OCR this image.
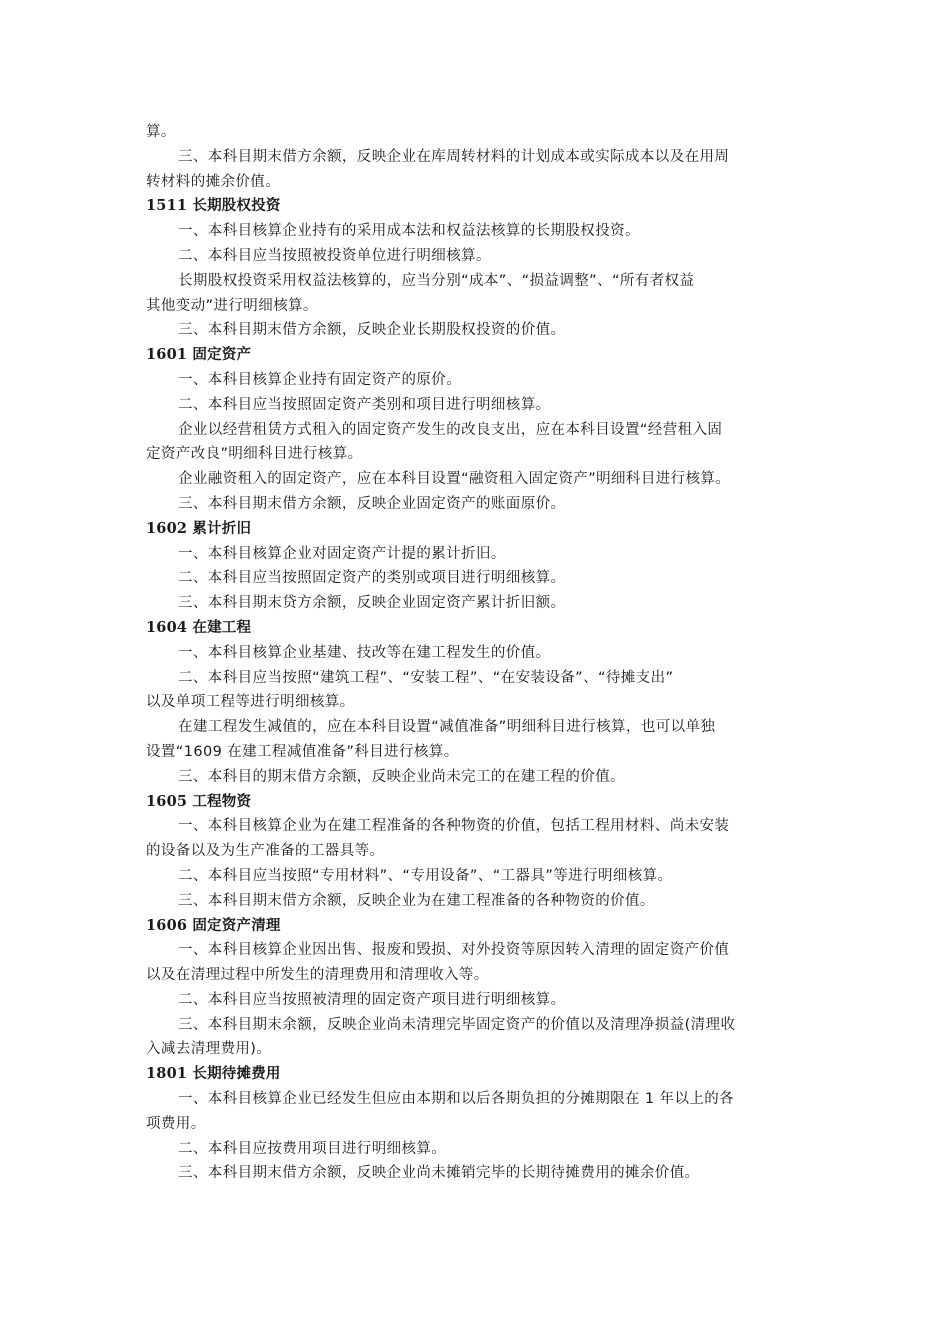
算。
三、本科目期末借方余额，反映企业在库周转材料的计划成本或实际成本以及在用周
转材料的摊余价值。
1511 长期股权投资
一、本科目核算企业持有的采用成本法和权益法核算的长期股权投资。
二、本科目应当按照被投资单位进行明细核算。
长期股权投资采用权益法核算的，应当分别“成本”、“损益调整”、“所有者权益
其他变动”进行明细核算。
三、本科目期末借方余额，反映企业长期股权投资的价值。
1601 固定资产
一、本科目核算企业持有固定资产的原价。
二、本科目应当按照固定资产类别和项目进行明细核算。
企业以经营租赁方式租入的固定资产发生的改良支出，应在本科目设置“经营租入固
定资产改良”明细科目进行核算。
企业融资租入的固定资产，应在本科目设置“融资租入固定资产”明细科目进行核算。
三、本科目期末借方余额，反映企业固定资产的账面原价。
1602 累计折旧
一、本科目核算企业对固定资产计提的累计折旧。
二、本科目应当按照固定资产的类别或项目进行明细核算。
三、本科目期末贷方余额，反映企业固定资产累计折旧额。
1604 在建工程
一、本科目核算企业基建、技改等在建工程发生的价值。
二、本科目应当按照“建筑工程”、“安装工程”、“在安装设备”、“待摊支出”
以及单项工程等进行明细核算。
在建工程发生减值的，应在本科目设置“减值准备”明细科目进行核算，也可以单独
设置“1609 在建工程减值准备”科目进行核算。
三、本科目的期末借方余额，反映企业尚未完工的在建工程的价值。
1605 工程物资
一、本科目核算企业为在建工程准备的各种物资的价值，包括工程用材料、尚未安装
的设备以及为生产准备的工器具等。
二、本科目应当按照“专用材料”、“专用设备”、“工器具”等进行明细核算。
三、本科目期末借方余额，反映企业为在建工程准备的各种物资的价值。
1606 固定资产清理
一、本科目核算企业因出售、报废和毁损、对外投资等原因转入清理的固定资产价值
以及在清理过程中所发生的清理费用和清理收入等。
二、本科目应当按照被清理的固定资产项目进行明细核算。
三、本科目期末余额，反映企业尚未清理完毕固定资产的价值以及清理净损益(清理收
入减去清理费用)。
1801 长期待摊费用
一、本科目核算企业已经发生但应由本期和以后各期负担的分摊期限在 1 年以上的各
项费用。
二、本科目应按费用项目进行明细核算。
三、本科目期末借方余额，反映企业尚未摊销完毕的长期待摊费用的摊余价值。
